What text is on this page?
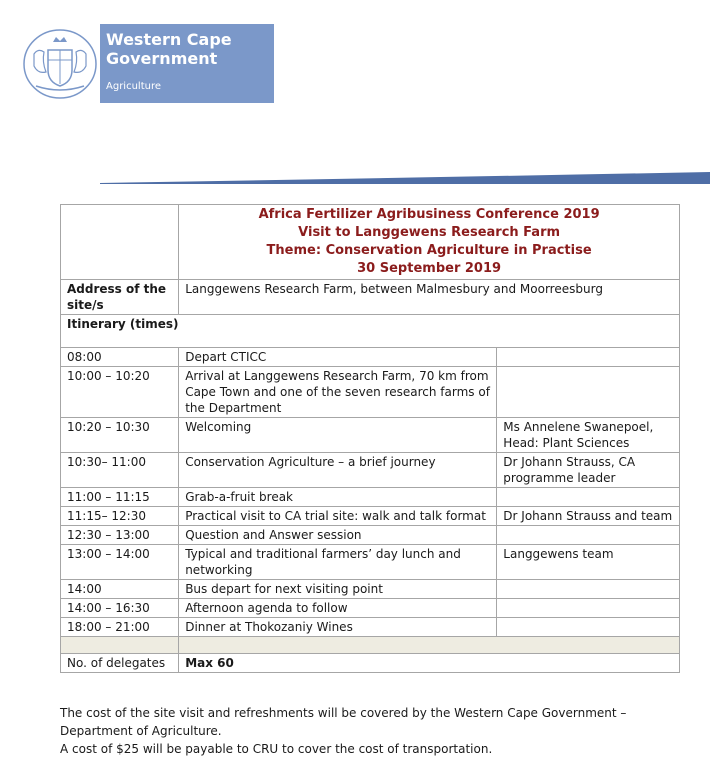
Western Cape
Government
Agriculture

	Africa Fertilizer Agribusiness Conference 2019
Visit to Langgewens Research Farm
Theme: Conservation Agriculture in Practise
30 September 2019	

Address of the site/s	Langgewens Research Farm, between Malmesbury and Moorreesburg	
Itinerary (times)		
08:00	Depart CTICC	
10:00 – 10:20	Arrival at Langgewens Research Farm, 70 km from Cape Town and one of the seven research farms of the Department	
10:20 – 10:30	Welcoming	Ms Annelene Swanepoel, Head: Plant Sciences
10:30– 11:00	Conservation Agriculture – a brief journey	Dr Johann Strauss, CA programme leader
11:00 – 11:15	Grab-a-fruit break	
11:15– 12:30	Practical visit to CA trial site: walk and talk format	Dr Johann Strauss and team
12:30 – 13:00	Question and Answer session	
13:00 – 14:00	Typical and traditional farmers’ day lunch and networking	Langgewens team
14:00	Bus depart for next visiting point	
14:00 – 16:30	Afternoon agenda to follow	
18:00 – 21:00	Dinner at Thokozaniy Wines	

No. of delegates	Max 60	

The cost of the site visit and refreshments will be covered by the Western Cape Government – Department of Agriculture.

A cost of $25 will be payable to CRU to cover the cost of transportation.
